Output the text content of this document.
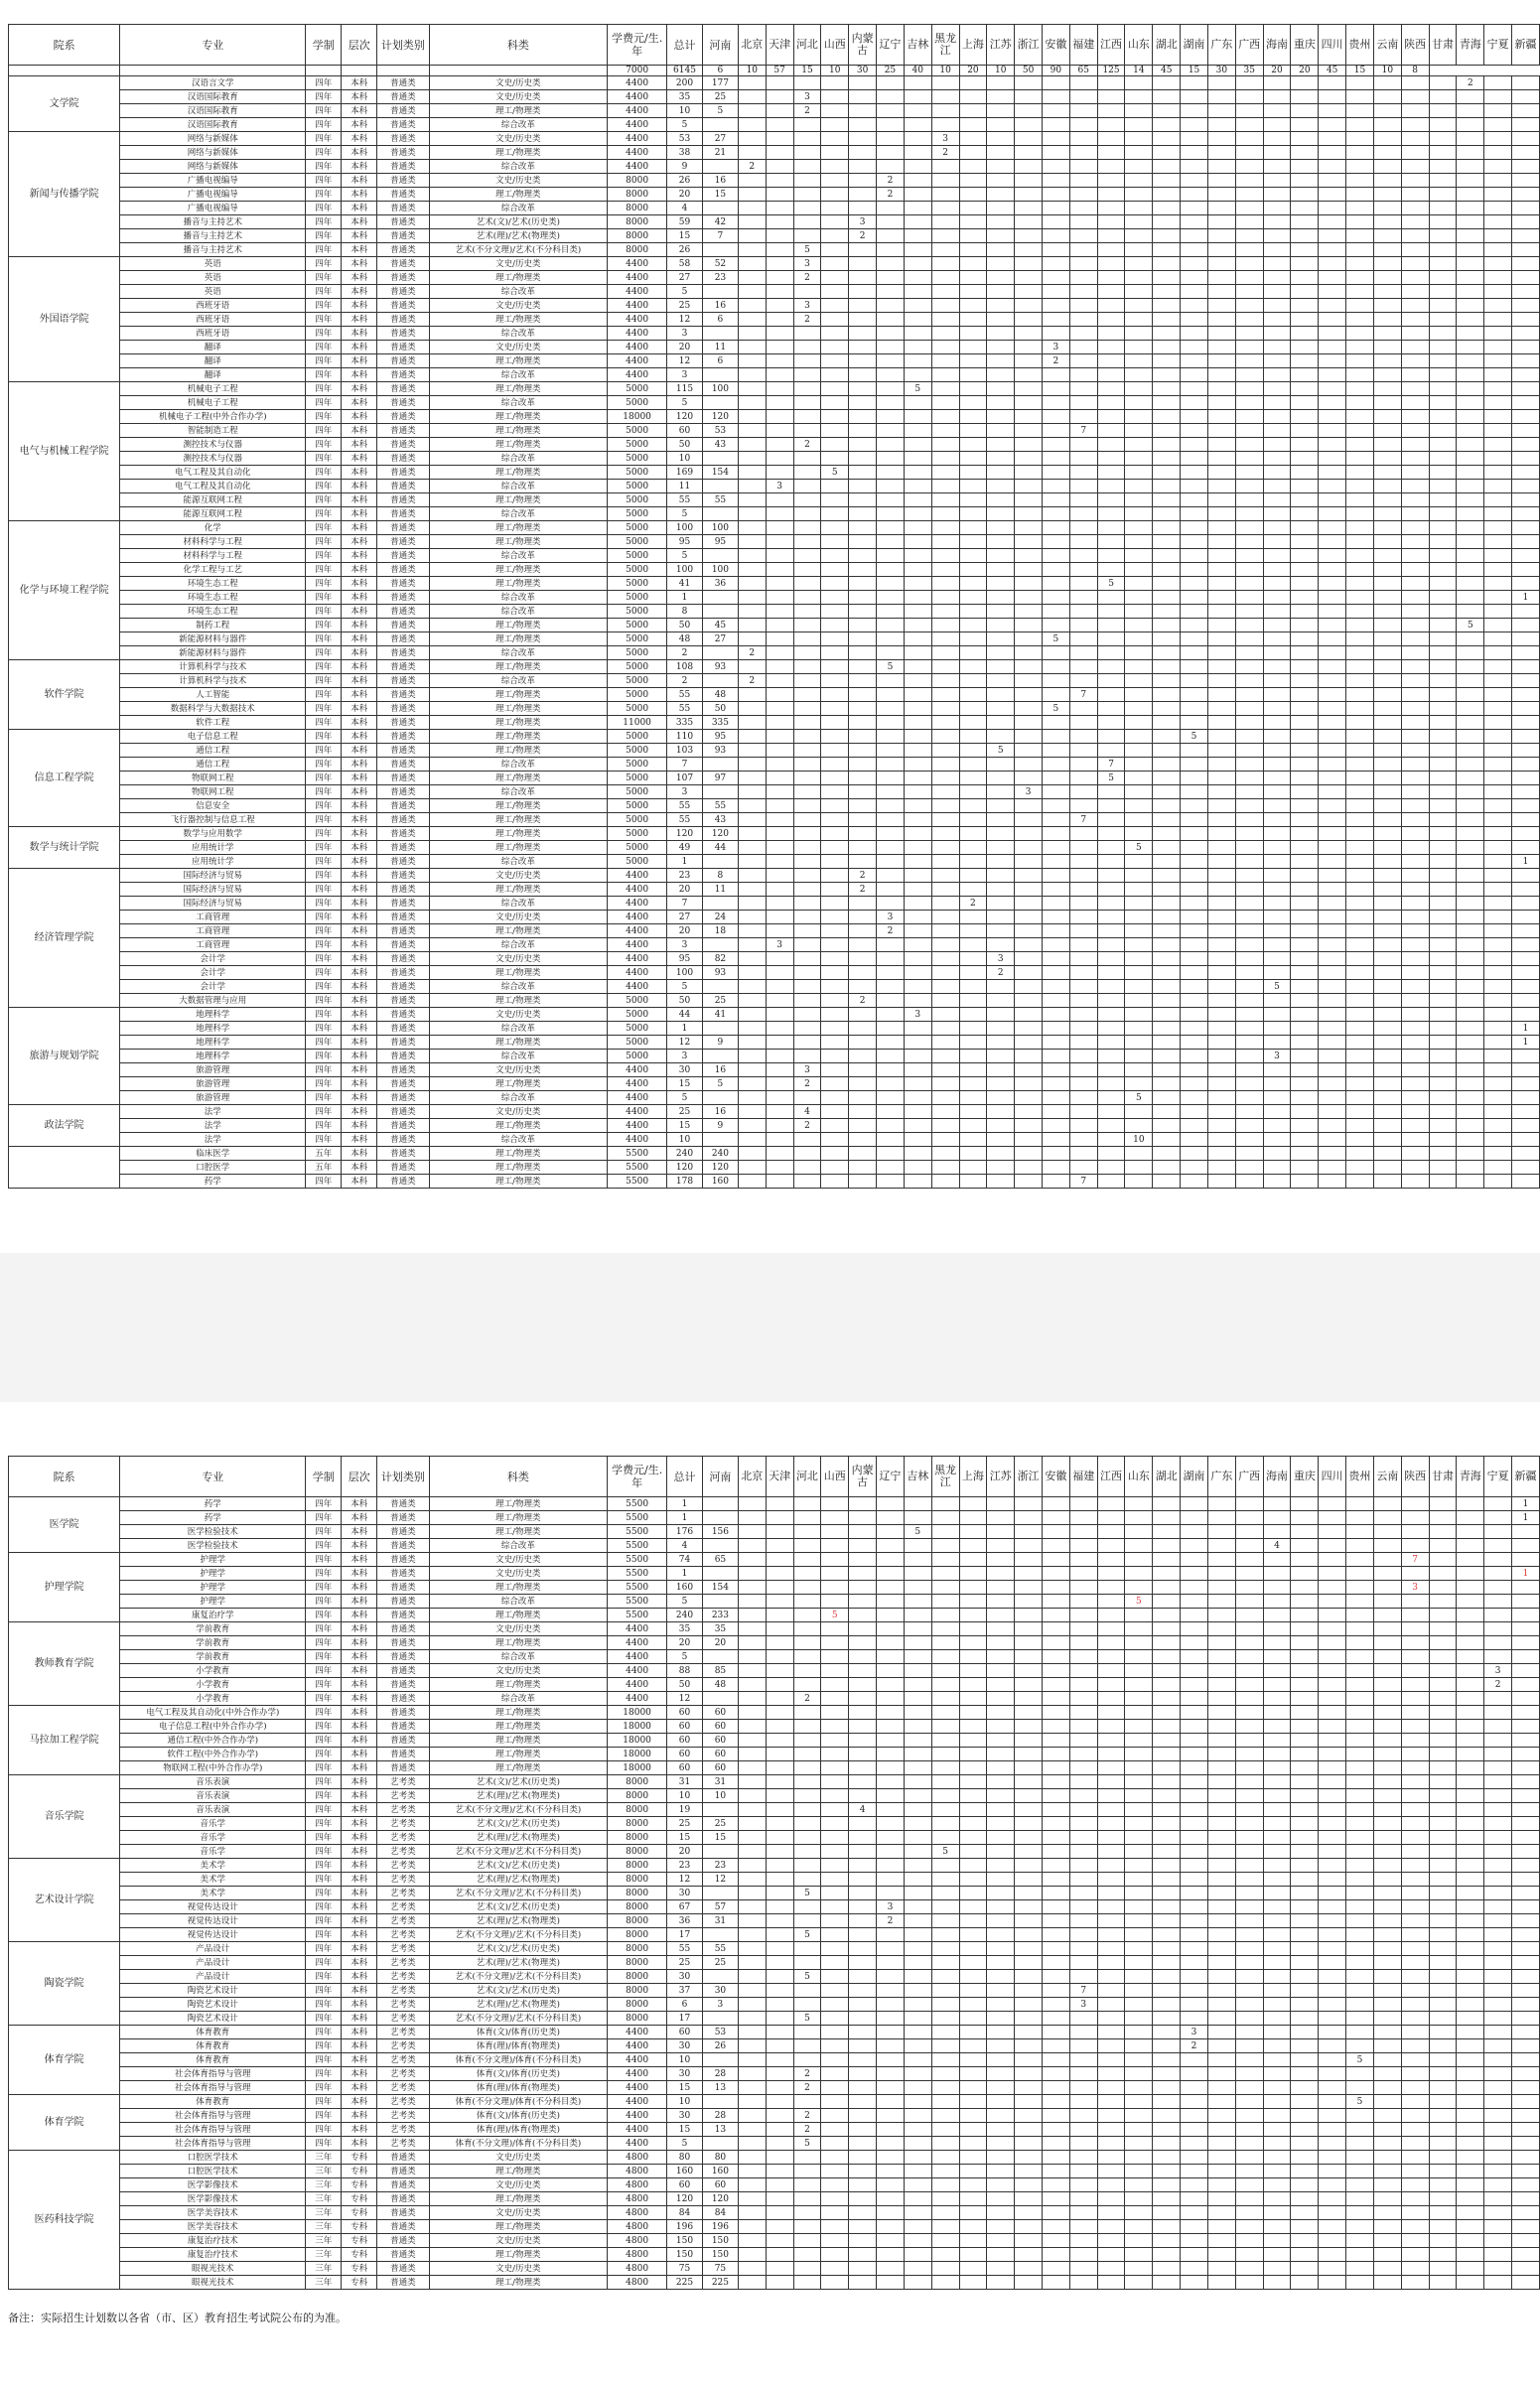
院系	专业	学制	层次	计划类别	科类	学费元/生.年	总计	河南	北京	天津	河北	山西	内蒙古	辽宁	吉林	黑龙江	上海	江苏	浙江	安徽	福建	江西	山东	湖北	湖南	广东	广西	海南	重庆	四川	贵州	云南	陕西	甘肃	青海	宁夏	新疆
						7000	6145	6	10	57	15	10	30	25	40	10	20	10	50	90	65	125	14	45	15	30	35	20	20	45	15	10	8				
文学院	汉语言文学	四年	本科	普通类	文史/历史类	4400	200	177																											2		
	汉语国际教育	四年	本科	普通类	文史/历史类	4400	35	25			3																										
	汉语国际教育	四年	本科	普通类	理工/物理类	4400	10	5			2																										
	汉语国际教育	四年	本科	普通类	综合改革	4400	5																														
新闻与传播学院	网络与新媒体	四年	本科	普通类	文史/历史类	4400	53	27								3																					
	网络与新媒体	四年	本科	普通类	理工/物理类	4400	38	21								2																					
	网络与新媒体	四年	本科	普通类	综合改革	4400	9		2																												
	广播电视编导	四年	本科	普通类	文史/历史类	8000	26	16						2																							
	广播电视编导	四年	本科	普通类	理工/物理类	8000	20	15						2																							
	广播电视编导	四年	本科	普通类	综合改革	8000	4																														
	播音与主持艺术	四年	本科	普通类	艺术(文)/艺术(历史类)	8000	59	42					3																								
	播音与主持艺术	四年	本科	普通类	艺术(理)/艺术(物理类)	8000	15	7					2																								
	播音与主持艺术	四年	本科	普通类	艺术(不分文理)/艺术(不分科目类)	8000	26				5																										
外国语学院	英语	四年	本科	普通类	文史/历史类	4400	58	52			3																										
	英语	四年	本科	普通类	理工/物理类	4400	27	23			2																										
	英语	四年	本科	普通类	综合改革	4400	5																														
	西班牙语	四年	本科	普通类	文史/历史类	4400	25	16			3																										
	西班牙语	四年	本科	普通类	理工/物理类	4400	12	6			2																										
	西班牙语	四年	本科	普通类	综合改革	4400	3																														
	翻译	四年	本科	普通类	文史/历史类	4400	20	11												3																	
	翻译	四年	本科	普通类	理工/物理类	4400	12	6												2																	
	翻译	四年	本科	普通类	综合改革	4400	3																														
电气与机械工程学院	机械电子工程	四年	本科	普通类	理工/物理类	5000	115	100							5																						
	机械电子工程	四年	本科	普通类	综合改革	5000	5																														
	机械电子工程(中外合作办学)	四年	本科	普通类	理工/物理类	18000	120	120																													
	智能制造工程	四年	本科	普通类	理工/物理类	5000	60	53													7																
	测控技术与仪器	四年	本科	普通类	理工/物理类	5000	50	43			2																										
	测控技术与仪器	四年	本科	普通类	综合改革	5000	10																														
	电气工程及其自动化	四年	本科	普通类	理工/物理类	5000	169	154				5																									
	电气工程及其自动化	四年	本科	普通类	综合改革	5000	11			3																											
	能源互联网工程	四年	本科	普通类	理工/物理类	5000	55	55																													
	能源互联网工程	四年	本科	普通类	综合改革	5000	5																														
化学与环境工程学院	化学	四年	本科	普通类	理工/物理类	5000	100	100																													
	材料科学与工程	四年	本科	普通类	理工/物理类	5000	95	95																													
	材料科学与工程	四年	本科	普通类	综合改革	5000	5																														
	化学工程与工艺	四年	本科	普通类	理工/物理类	5000	100	100																													
	环境生态工程	四年	本科	普通类	理工/物理类	5000	41	36														5															
	环境生态工程	四年	本科	普通类	综合改革	5000	1																														1
	环境生态工程	四年	本科	普通类	综合改革	5000	8																														
	制药工程	四年	本科	普通类	理工/物理类	5000	50	45																											5		
	新能源材料与器件	四年	本科	普通类	理工/物理类	5000	48	27												5																	
	新能源材料与器件	四年	本科	普通类	综合改革	5000	2		2																												
软件学院	计算机科学与技术	四年	本科	普通类	理工/物理类	5000	108	93						5																							
	计算机科学与技术	四年	本科	普通类	综合改革	5000	2		2																												
	人工智能	四年	本科	普通类	理工/物理类	5000	55	48													7																
	数据科学与大数据技术	四年	本科	普通类	理工/物理类	5000	55	50												5																	
	软件工程	四年	本科	普通类	理工/物理类	11000	335	335																													
信息工程学院	电子信息工程	四年	本科	普通类	理工/物理类	5000	110	95																	5												
	通信工程	四年	本科	普通类	理工/物理类	5000	103	93										5																			
	通信工程	四年	本科	普通类	综合改革	5000	7															7															
	物联网工程	四年	本科	普通类	理工/物理类	5000	107	97														5															
	物联网工程	四年	本科	普通类	综合改革	5000	3												3																		
	信息安全	四年	本科	普通类	理工/物理类	5000	55	55																													
	飞行器控制与信息工程	四年	本科	普通类	理工/物理类	5000	55	43													7																
数学与统计学院	数学与应用数学	四年	本科	普通类	理工/物理类	5000	120	120																													
	应用统计学	四年	本科	普通类	理工/物理类	5000	49	44															5														
	应用统计学	四年	本科	普通类	综合改革	5000	1																														1
经济管理学院	国际经济与贸易	四年	本科	普通类	文史/历史类	4400	23	8					2																								
	国际经济与贸易	四年	本科	普通类	理工/物理类	4400	20	11					2																								
	国际经济与贸易	四年	本科	普通类	综合改革	4400	7										2																				
	工商管理	四年	本科	普通类	文史/历史类	4400	27	24						3																							
	工商管理	四年	本科	普通类	理工/物理类	4400	20	18						2																							
	工商管理	四年	本科	普通类	综合改革	4400	3			3																											
	会计学	四年	本科	普通类	文史/历史类	4400	95	82										3																			
	会计学	四年	本科	普通类	理工/物理类	4400	100	93										2																			
	会计学	四年	本科	普通类	综合改革	4400	5																					5									
	大数据管理与应用	四年	本科	普通类	理工/物理类	5000	50	25					2																								
旅游与规划学院	地理科学	四年	本科	普通类	文史/历史类	5000	44	41							3																						
	地理科学	四年	本科	普通类	综合改革	5000	1																														1
	地理科学	四年	本科	普通类	理工/物理类	5000	12	9																													1
	地理科学	四年	本科	普通类	综合改革	5000	3																					3									
	旅游管理	四年	本科	普通类	文史/历史类	4400	30	16			3																										
	旅游管理	四年	本科	普通类	理工/物理类	4400	15	5			2																										
	旅游管理	四年	本科	普通类	综合改革	4400	5																5														
政法学院	法学	四年	本科	普通类	文史/历史类	4400	25	16			4																										
	法学	四年	本科	普通类	理工/物理类	4400	15	9			2																										
	法学	四年	本科	普通类	综合改革	4400	10																10														
	临床医学	五年	本科	普通类	理工/物理类	5500	240	240																													
	口腔医学	五年	本科	普通类	理工/物理类	5500	120	120																													
	药学	四年	本科	普通类	理工/物理类	5500	178	160													7																
院系	专业	学制	层次	计划类别	科类	学费元/生.年	总计	河南	北京	天津	河北	山西	内蒙古	辽宁	吉林	黑龙江	上海	江苏	浙江	安徽	福建	江西	山东	湖北	湖南	广东	广西	海南	重庆	四川	贵州	云南	陕西	甘肃	青海	宁夏	新疆
医学院	药学	四年	本科	普通类	理工/物理类	5500	1																														1
	药学	四年	本科	普通类	理工/物理类	5500	1																														1
	医学检验技术	四年	本科	普通类	理工/物理类	5500	176	156							5																						
	医学检验技术	四年	本科	普通类	综合改革	5500	4																					4									
护理学院	护理学	四年	本科	普通类	文史/历史类	5500	74	65																									7				
	护理学	四年	本科	普通类	文史/历史类	5500	1																														1
	护理学	四年	本科	普通类	理工/物理类	5500	160	154																									3				
	护理学	四年	本科	普通类	综合改革	5500	5																5														
	康复治疗学	四年	本科	普通类	理工/物理类	5500	240	233				5																									
教师教育学院	学前教育	四年	本科	普通类	文史/历史类	4400	35	35																													
	学前教育	四年	本科	普通类	理工/物理类	4400	20	20																													
	学前教育	四年	本科	普通类	综合改革	4400	5																														
	小学教育	四年	本科	普通类	文史/历史类	4400	88	85																												3	
	小学教育	四年	本科	普通类	理工/物理类	4400	50	48																												2	
	小学教育	四年	本科	普通类	综合改革	4400	12				2																										
马拉加工程学院	电气工程及其自动化(中外合作办学)	四年	本科	普通类	理工/物理类	18000	60	60																													
	电子信息工程(中外合作办学)	四年	本科	普通类	理工/物理类	18000	60	60																													
	通信工程(中外合作办学)	四年	本科	普通类	理工/物理类	18000	60	60																													
	软件工程(中外合作办学)	四年	本科	普通类	理工/物理类	18000	60	60																													
	物联网工程(中外合作办学)	四年	本科	普通类	理工/物理类	18000	60	60																													
音乐学院	音乐表演	四年	本科	艺考类	艺术(文)/艺术(历史类)	8000	31	31																													
	音乐表演	四年	本科	艺考类	艺术(理)/艺术(物理类)	8000	10	10																													
	音乐表演	四年	本科	艺考类	艺术(不分文理)/艺术(不分科目类)	8000	19						4																								
	音乐学	四年	本科	艺考类	艺术(文)/艺术(历史类)	8000	25	25																													
	音乐学	四年	本科	艺考类	艺术(理)/艺术(物理类)	8000	15	15																													
	音乐学	四年	本科	艺考类	艺术(不分文理)/艺术(不分科目类)	8000	20									5																					
艺术设计学院	美术学	四年	本科	艺考类	艺术(文)/艺术(历史类)	8000	23	23																													
	美术学	四年	本科	艺考类	艺术(理)/艺术(物理类)	8000	12	12																													
	美术学	四年	本科	艺考类	艺术(不分文理)/艺术(不分科目类)	8000	30				5																										
	视觉传达设计	四年	本科	艺考类	艺术(文)/艺术(历史类)	8000	67	57						3																							
	视觉传达设计	四年	本科	艺考类	艺术(理)/艺术(物理类)	8000	36	31						2																							
	视觉传达设计	四年	本科	艺考类	艺术(不分文理)/艺术(不分科目类)	8000	17				5																										
陶瓷学院	产品设计	四年	本科	艺考类	艺术(文)/艺术(历史类)	8000	55	55																													
	产品设计	四年	本科	艺考类	艺术(理)/艺术(物理类)	8000	25	25																													
	产品设计	四年	本科	艺考类	艺术(不分文理)/艺术(不分科目类)	8000	30				5																										
	陶瓷艺术设计	四年	本科	艺考类	艺术(文)/艺术(历史类)	8000	37	30													7																
	陶瓷艺术设计	四年	本科	艺考类	艺术(理)/艺术(物理类)	8000	6	3													3																
	陶瓷艺术设计	四年	本科	艺考类	艺术(不分文理)/艺术(不分科目类)	8000	17				5																										
体育学院	体育教育	四年	本科	艺考类	体育(文)/体育(历史类)	4400	60	53																	3												
	体育教育	四年	本科	艺考类	体育(理)/体育(物理类)	4400	30	26																	2												
	体育教育	四年	本科	艺考类	体育(不分文理)/体育(不分科目类)	4400	10																								5						
	社会体育指导与管理	四年	本科	艺考类	体育(文)/体育(历史类)	4400	30	28			2																										
	社会体育指导与管理	四年	本科	艺考类	体育(理)/体育(物理类)	4400	15	13			2																										
体育学院	体育教育	四年	本科	艺考类	体育(不分文理)/体育(不分科目类)	4400	10																								5						
	社会体育指导与管理	四年	本科	艺考类	体育(文)/体育(历史类)	4400	30	28			2																										
	社会体育指导与管理	四年	本科	艺考类	体育(理)/体育(物理类)	4400	15	13			2																										
	社会体育指导与管理	四年	本科	艺考类	体育(不分文理)/体育(不分科目类)	4400	5				5																										
医药科技学院	口腔医学技术	三年	专科	普通类	文史/历史类	4800	80	80																													
	口腔医学技术	三年	专科	普通类	理工/物理类	4800	160	160																													
	医学影像技术	三年	专科	普通类	文史/历史类	4800	60	60																													
	医学影像技术	三年	专科	普通类	理工/物理类	4800	120	120																													
	医学美容技术	三年	专科	普通类	文史/历史类	4800	84	84																													
	医学美容技术	三年	专科	普通类	理工/物理类	4800	196	196																													
	康复治疗技术	三年	专科	普通类	文史/历史类	4800	150	150																													
	康复治疗技术	三年	专科	普通类	理工/物理类	4800	150	150																													
	眼视光技术	三年	专科	普通类	文史/历史类	4800	75	75																													
	眼视光技术	三年	专科	普通类	理工/物理类	4800	225	225																													
备注：实际招生计划数以各省（市、区）教育招生考试院公布的为准。
